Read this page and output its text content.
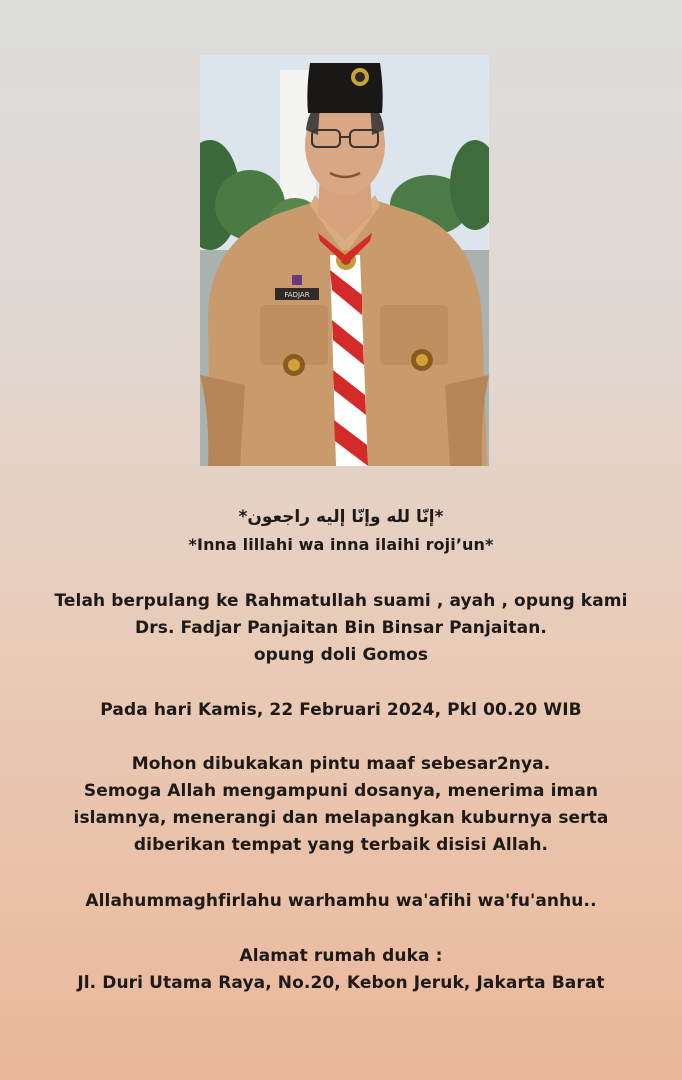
FADJAR
*إنّا لله وإنّا إليه راجعون*
*Inna lillahi wa inna ilaihi roji’un*
Telah berpulang ke Rahmatullah suami , ayah , opung kami
Drs. Fadjar Panjaitan Bin Binsar Panjaitan.
opung doli Gomos
Pada hari Kamis, 22 Februari 2024, Pkl 00.20 WIB
Mohon dibukakan pintu maaf sebesar2nya.
Semoga Allah mengampuni dosanya, menerima iman
islamnya, menerangi dan melapangkan kuburnya serta
diberikan tempat yang terbaik disisi Allah.
Allahummaghfirlahu warhamhu wa'afihi wa'fu'anhu..
Alamat rumah duka :
Jl. Duri Utama Raya, No.20, Kebon Jeruk, Jakarta Barat
